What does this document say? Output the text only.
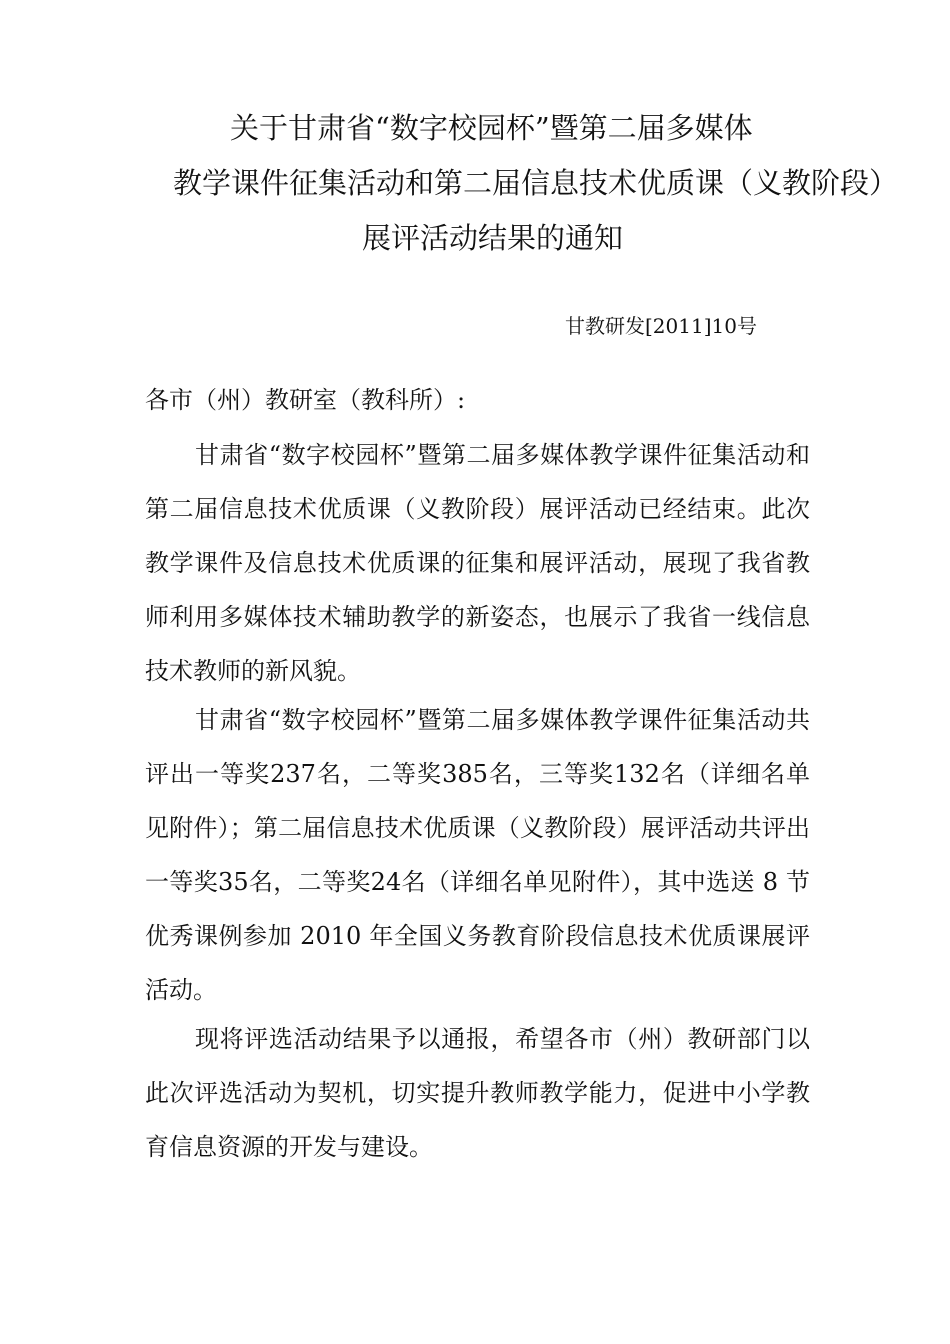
关于甘肃省“数字校园杯”暨第二届多媒体
教学课件征集活动和第二届信息技术优质课（义教阶段）
展评活动结果的通知
甘教研发[2011]10号
各市（州）教研室（教科所）:
甘肃省“数字校园杯”暨第二届多媒体教学课件征集活动和第二届信息技术优质课（义教阶段）展评活动已经结束。此次教学课件及信息技术优质课的征集和展评活动，展现了我省教师利用多媒体技术辅助教学的新姿态，也展示了我省一线信息技术教师的新风貌。
甘肃省“数字校园杯”暨第二届多媒体教学课件征集活动共评出一等奖237名，二等奖385名，三等奖132名（详细名单见附件）；第二届信息技术优质课（义教阶段）展评活动共评出一等奖35名，二等奖24名（详细名单见附件），其中选送 8 节优秀课例参加 2010 年全国义务教育阶段信息技术优质课展评活动。
现将评选活动结果予以通报，希望各市（州）教研部门以此次评选活动为契机，切实提升教师教学能力，促进中小学教育信息资源的开发与建设。
